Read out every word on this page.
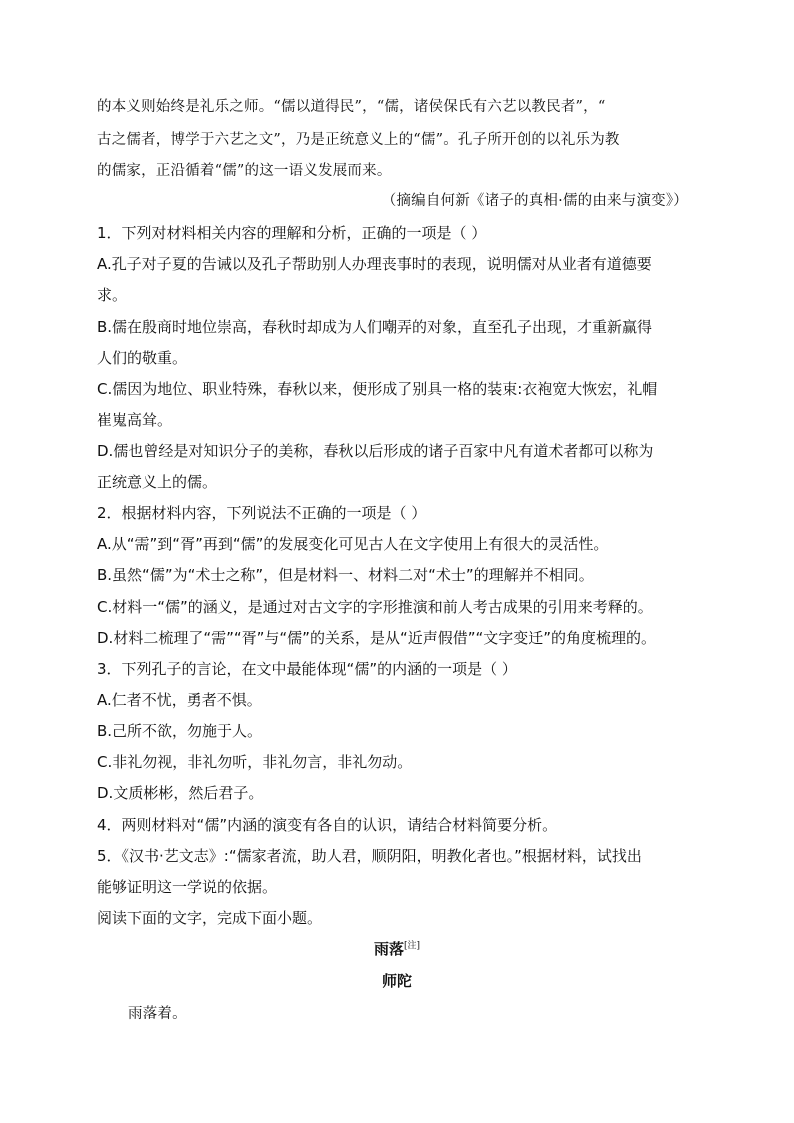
的本义则始终是礼乐之师。“儒以道得民”，“儒，诸侯保氏有六艺以教民者”，“
古之儒者，博学于六艺之文”，乃是正统意义上的“儒”。孔子所开创的以礼乐为教
的儒家，正沿循着“儒”的这一语义发展而来。
（摘编自何新《诸子的真相·儒的由来与演变》）
1．下列对材料相关内容的理解和分析，正确的一项是（ ）
A.孔子对子夏的告诫以及孔子帮助别人办理丧事时的表现，说明儒对从业者有道德要
求。
B.儒在殷商时地位崇高，春秋时却成为人们嘲弄的对象，直至孔子出现，才重新赢得
人们的敬重。
C.儒因为地位、职业特殊，春秋以来，便形成了别具一格的装束:衣袍宽大恢宏，礼帽
崔嵬高耸。
D.儒也曾经是对知识分子的美称，春秋以后形成的诸子百家中凡有道术者都可以称为
正统意义上的儒。
2．根据材料内容，下列说法不正确的一项是（ ）
A.从“需”到“胥”再到“儒”的发展变化可见古人在文字使用上有很大的灵活性。
B.虽然“儒”为“术士之称”，但是材料一、材料二对“术士”的理解并不相同。
C.材料一“儒”的涵义，是通过对古文字的字形推演和前人考古成果的引用来考释的。
D.材料二梳理了“需”“胥”与“儒”的关系，是从“近声假借”“文字变迁”的角度梳理的。
3．下列孔子的言论，在文中最能体现“儒”的内涵的一项是（ ）
A.仁者不忧，勇者不惧。
B.己所不欲，勿施于人。
C.非礼勿视，非礼勿听，非礼勿言，非礼勿动。
D.文质彬彬，然后君子。
4．两则材料对“儒”内涵的演变有各自的认识，请结合材料简要分析。
5．《汉书·艺文志》:“儒家者流，助人君，顺阴阳，明教化者也。”根据材料，试找出
能够证明这一学说的依据。
阅读下面的文字，完成下面小题。
雨落[注]
师陀
雨落着。
